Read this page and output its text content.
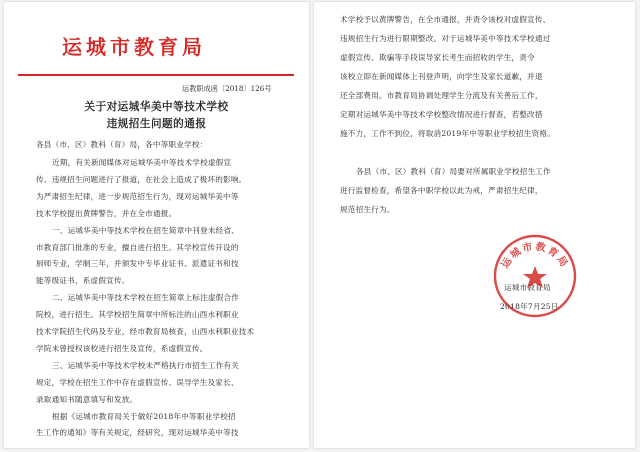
运城市教育局
运教职成函〔2018〕126号
关于对运城华美中等技术学校
违规招生问题的通报

各县（市、区）教科（育）局，各中等职业学校：

近期，有关新闻媒体对运城华美中等技术学校虚假宣

传、违规招生问题进行了报道，在社会上造成了极坏的影响。

为严肃招生纪律，进一步规范招生行为，现对运城华美中等

技术学校提出黄牌警告，并在全市通报。

一、运城华美中等技术学校在招生简章中刊登未经省、

市教育部门批准的专业，擅自进行招生。其学校宣传开设的

厨师专业，学制三年，并颁发中专毕业证书、派遣证书和技

能等级证书，系虚假宣传。

二、运城华美中等技术学校在招生简章上标注虚假合作

院校，进行招生。其学校招生简章中所标注的山西水利职业

技术学院招生代码及专业，经市教育局核查，山西水利职业技术

学院未曾授权该校进行招生及宣传，系虚假宣传。

三、运城华美中等技术学校未严格执行市招生工作有关

规定，学校在招生工作中存在虚假宣传、误导学生及家长、

录取通知书随意填写和发放。

根据《运城市教育局关于做好2018年中等职业学校招

生工作的通知》等有关规定，经研究，现对运城华美中等技

术学校予以黄牌警告，在全市通报，并责令该校对虚假宣传、

违规招生行为进行限期整改。对于运城华美中等技术学校通过

虚假宣传、欺骗等手段误导家长考生而招收的学生，责令

该校立即在新闻媒体上刊登声明，向学生及家长道歉，并退

还全部费用。市教育局协调处理学生分流及有关善后工作，

定期对运城华美中等技术学校整改情况进行督查，若整改措

施不力，工作不到位，将取消2019年中等职业学校招生资格。

各县（市、区）教科（育）局要对所属职业学校招生工作

进行监督检查，希望各中职学校以此为戒，严肃招生纪律，

规范招生行为。

运城市教育局

2018年7月25日

运城市教育局
